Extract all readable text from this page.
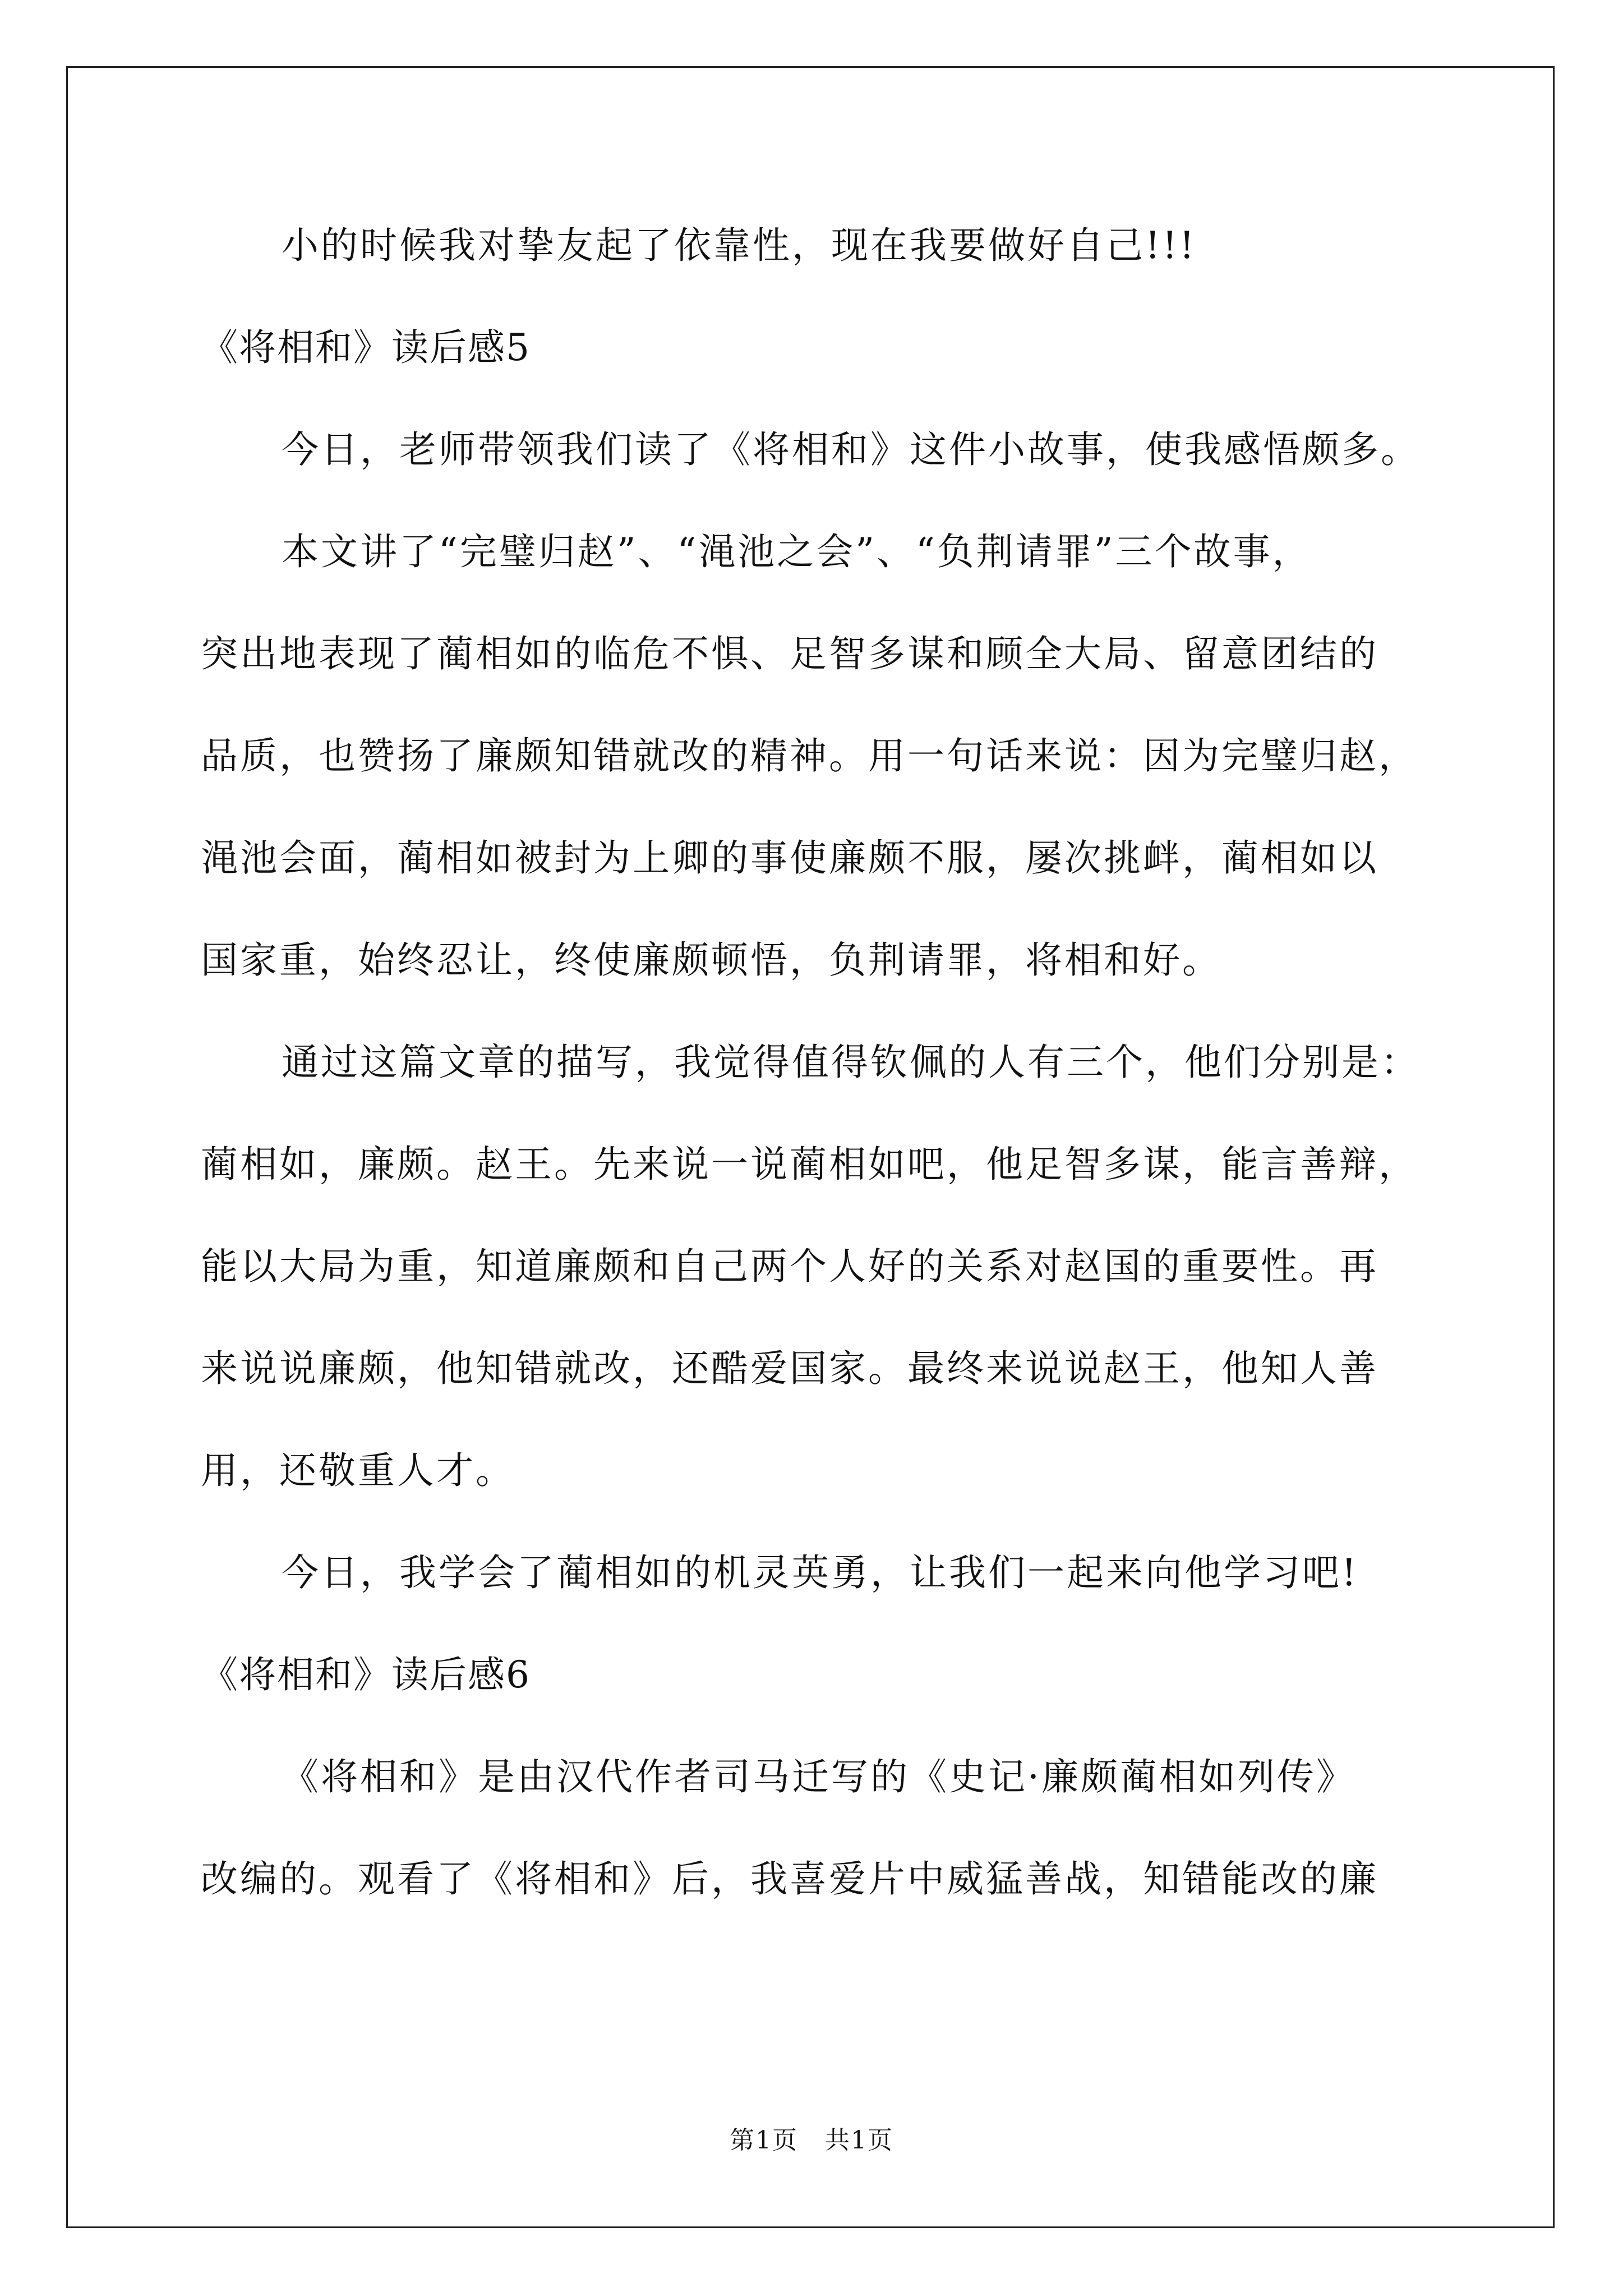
小的时候我对挚友起了依靠性，现在我要做好自己!!!

《将相和》读后感5

今日，老师带领我们读了《将相和》这件小故事，使我感悟颇多。

本文讲了“完璧归赵”、“渑池之会”、“负荆请罪”三个故事，

突出地表现了蔺相如的临危不惧、足智多谋和顾全大局、留意团结的

品质，也赞扬了廉颇知错就改的精神。用一句话来说：因为完璧归赵，

渑池会面，蔺相如被封为上卿的事使廉颇不服，屡次挑衅，蔺相如以

国家重，始终忍让，终使廉颇顿悟，负荆请罪，将相和好。

通过这篇文章的描写，我觉得值得钦佩的人有三个，他们分别是：

蔺相如，廉颇。赵王。先来说一说蔺相如吧，他足智多谋，能言善辩，

能以大局为重，知道廉颇和自己两个人好的关系对赵国的重要性。再

来说说廉颇，他知错就改，还酷爱国家。最终来说说赵王，他知人善

用，还敬重人才。

今日，我学会了蔺相如的机灵英勇，让我们一起来向他学习吧!

《将相和》读后感6

《将相和》是由汉代作者司马迁写的《史记·廉颇蔺相如列传》

改编的。观看了《将相和》后，我喜爱片中威猛善战，知错能改的廉

第1页   共1页
